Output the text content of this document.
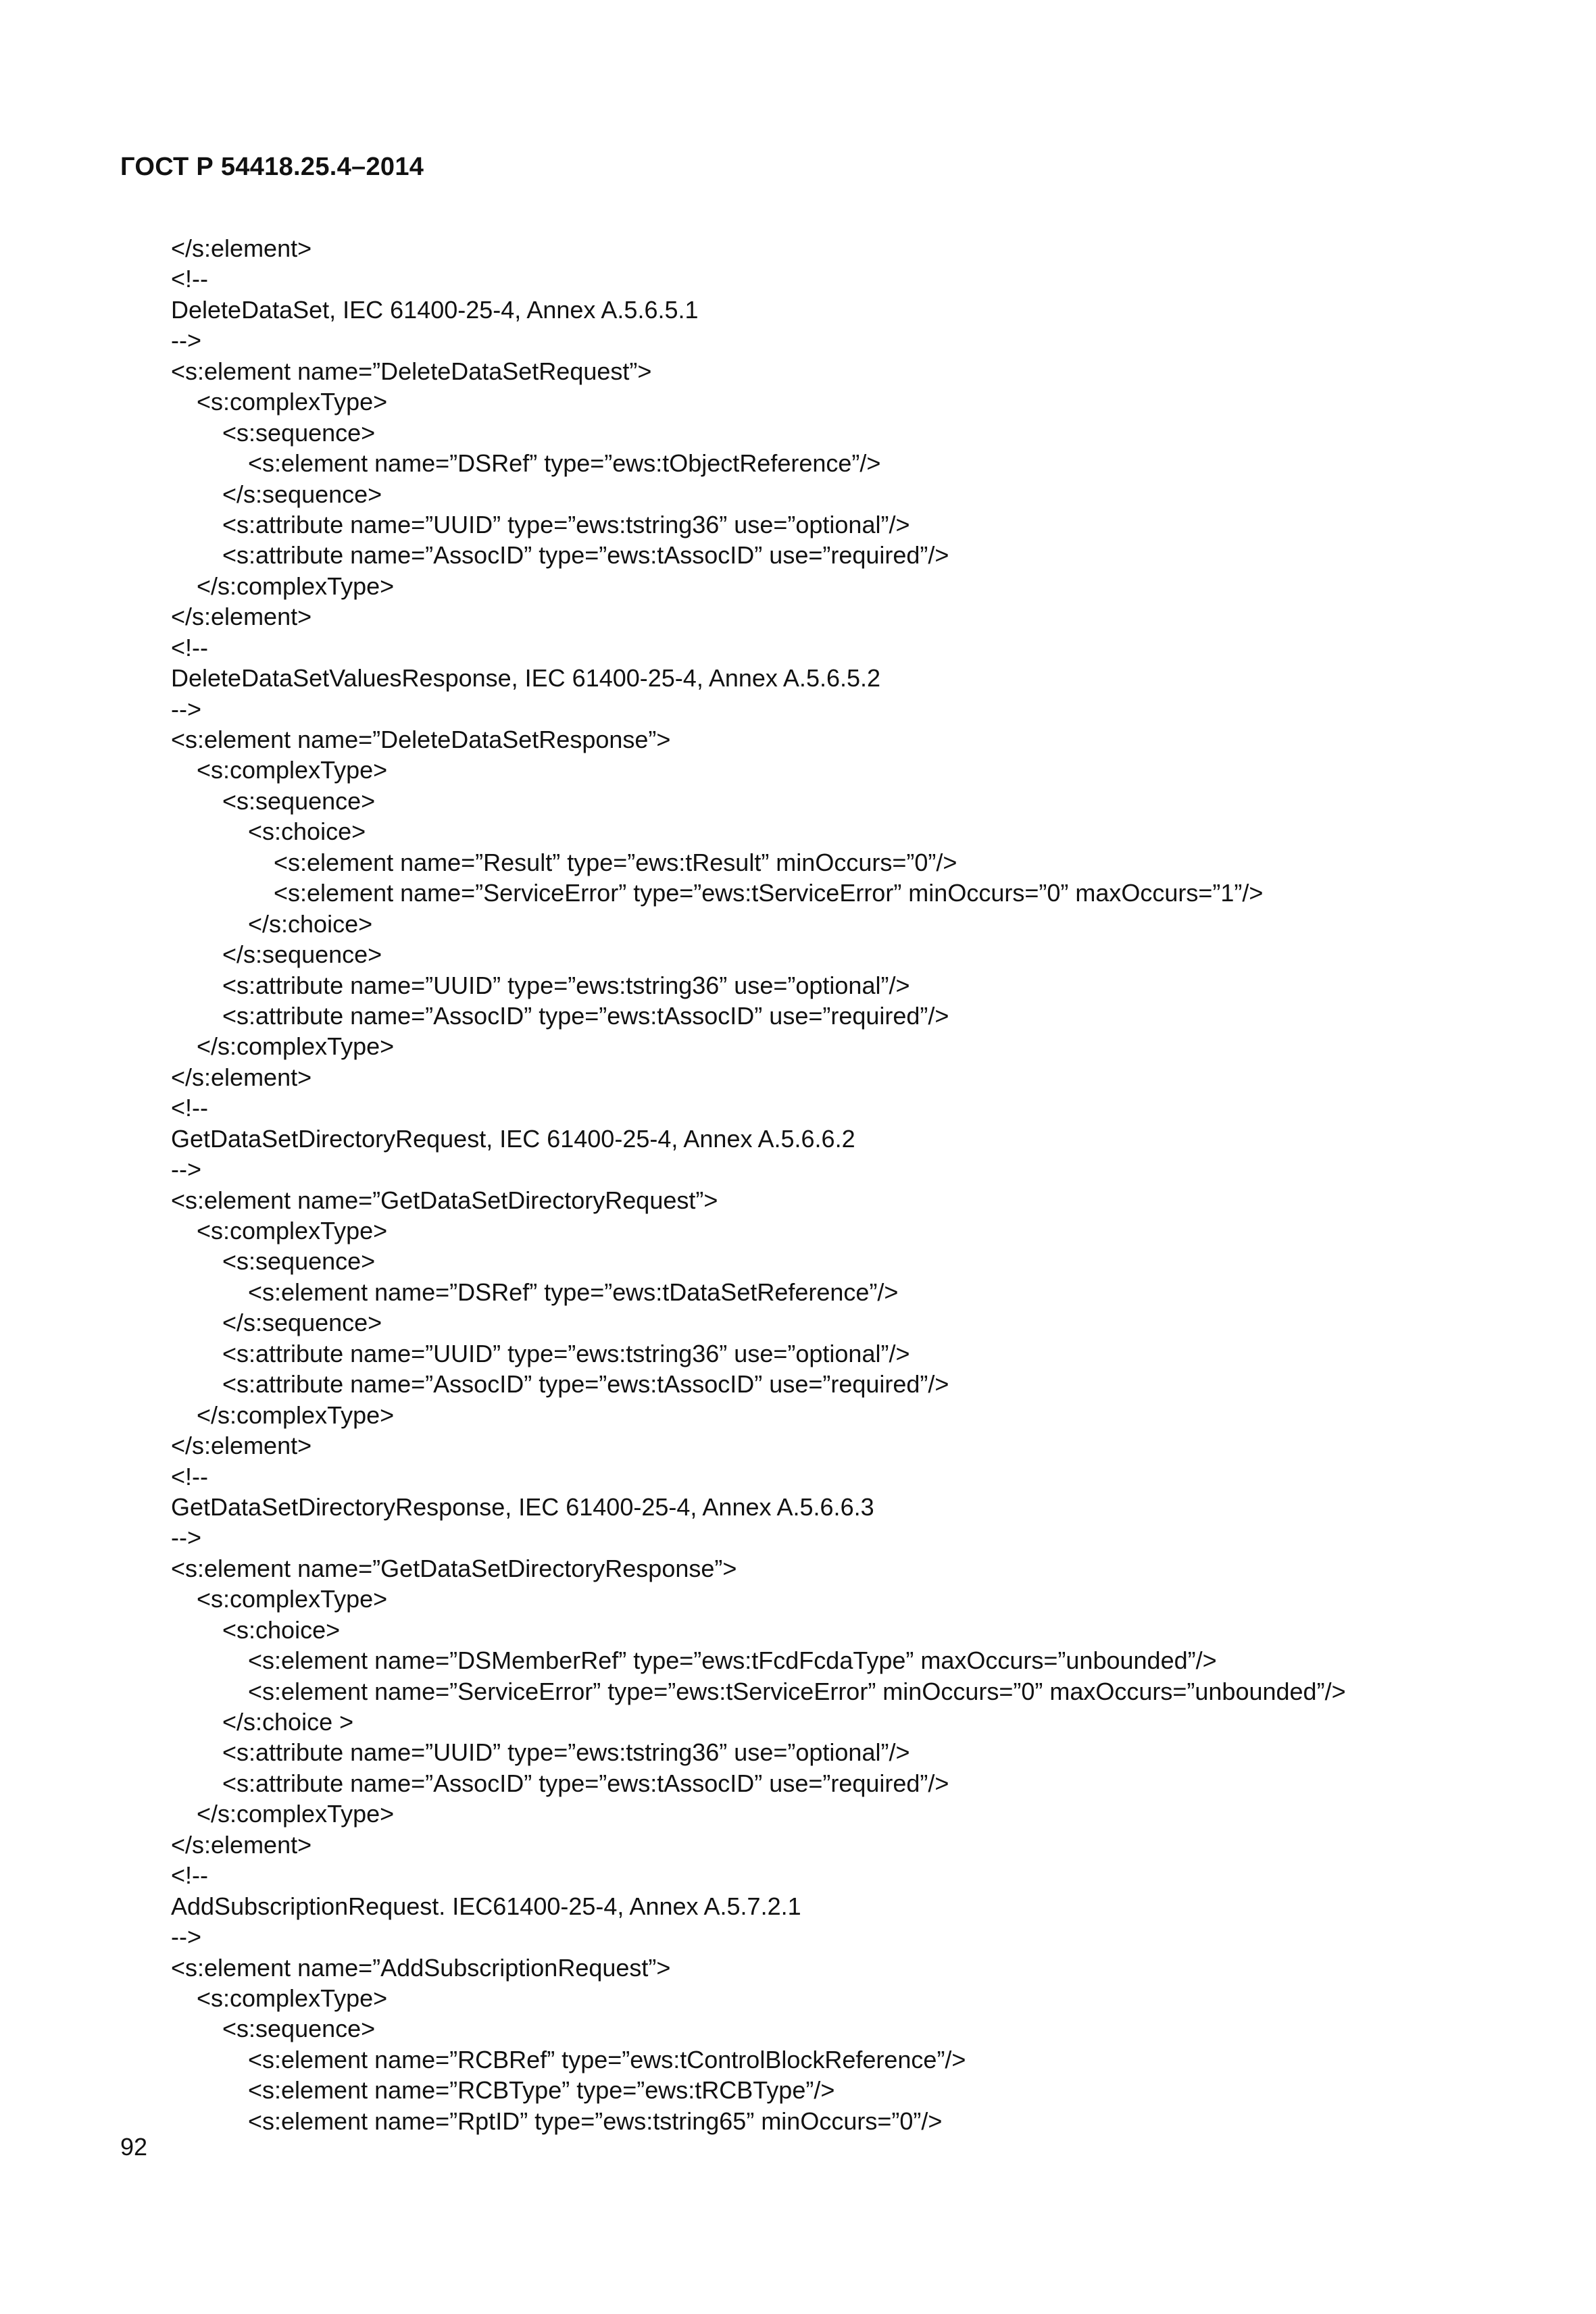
ГОСТ Р 54418.25.4–2014
</s:element>
<!--
DeleteDataSet, IEC 61400-25-4, Annex A.5.6.5.1
-->
<s:element name=”DeleteDataSetRequest”>
<s:complexType>
<s:sequence>
<s:element name=”DSRef” type=”ews:tObjectReference”/>
</s:sequence>
<s:attribute name=”UUID” type=”ews:tstring36” use=”optional”/>
<s:attribute name=”AssocID” type=”ews:tAssocID” use=”required”/>
</s:complexType>
</s:element>
<!--
DeleteDataSetValuesResponse, IEC 61400-25-4, Annex A.5.6.5.2
-->
<s:element name=”DeleteDataSetResponse”>
<s:complexType>
<s:sequence>
<s:choice>
<s:element name=”Result” type=”ews:tResult” minOccurs=”0”/>
<s:element name=”ServiceError” type=”ews:tServiceError” minOccurs=”0” maxOccurs=”1”/>
</s:choice>
</s:sequence>
<s:attribute name=”UUID” type=”ews:tstring36” use=”optional”/>
<s:attribute name=”AssocID” type=”ews:tAssocID” use=”required”/>
</s:complexType>
</s:element>
<!--
GetDataSetDirectoryRequest, IEC 61400-25-4, Annex A.5.6.6.2
-->
<s:element name=”GetDataSetDirectoryRequest”>
<s:complexType>
<s:sequence>
<s:element name=”DSRef” type=”ews:tDataSetReference”/>
</s:sequence>
<s:attribute name=”UUID” type=”ews:tstring36” use=”optional”/>
<s:attribute name=”AssocID” type=”ews:tAssocID” use=”required”/>
</s:complexType>
</s:element>
<!--
GetDataSetDirectoryResponse, IEC 61400-25-4, Annex A.5.6.6.3
-->
<s:element name=”GetDataSetDirectoryResponse”>
<s:complexType>
<s:choice>
<s:element name=”DSMemberRef” type=”ews:tFcdFcdaType” maxOccurs=”unbounded”/>
<s:element name=”ServiceError” type=”ews:tServiceError” minOccurs=”0” maxOccurs=”unbounded”/>
</s:choice >
<s:attribute name=”UUID” type=”ews:tstring36” use=”optional”/>
<s:attribute name=”AssocID” type=”ews:tAssocID” use=”required”/>
</s:complexType>
</s:element>
<!--
AddSubscriptionRequest. IEC61400-25-4, Annex A.5.7.2.1
-->
<s:element name=”AddSubscriptionRequest”>
<s:complexType>
<s:sequence>
<s:element name=”RCBRef” type=”ews:tControlBlockReference”/>
<s:element name=”RCBType” type=”ews:tRCBType”/>
<s:element name=”RptID” type=”ews:tstring65” minOccurs=”0”/>
92
